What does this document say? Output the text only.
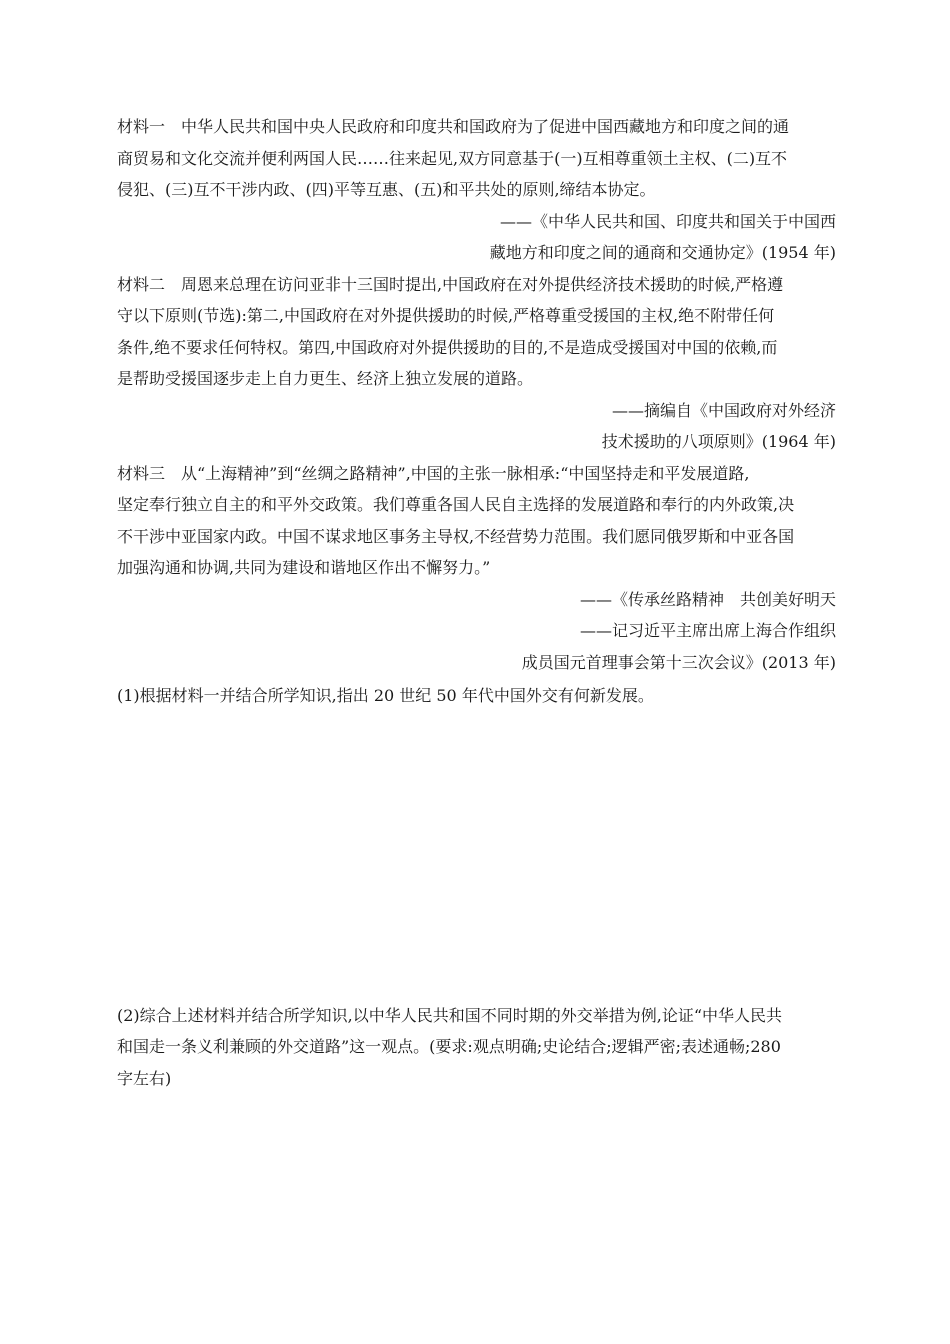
材料一　中华人民共和国中央人民政府和印度共和国政府为了促进中国西藏地方和印度之间的通
商贸易和文化交流并便利两国人民……往来起见,双方同意基于(一)互相尊重领土主权、(二)互不
侵犯、(三)互不干涉内政、(四)平等互惠、(五)和平共处的原则,缔结本协定。
——《中华人民共和国、印度共和国关于中国西
藏地方和印度之间的通商和交通协定》(1954 年)
材料二　周恩来总理在访问亚非十三国时提出,中国政府在对外提供经济技术援助的时候,严格遵
守以下原则(节选):第二,中国政府在对外提供援助的时候,严格尊重受援国的主权,绝不附带任何
条件,绝不要求任何特权。第四,中国政府对外提供援助的目的,不是造成受援国对中国的依赖,而
是帮助受援国逐步走上自力更生、经济上独立发展的道路。
——摘编自《中国政府对外经济
技术援助的八项原则》(1964 年)
材料三　从“上海精神”到“丝绸之路精神”,中国的主张一脉相承:“中国坚持走和平发展道路,
坚定奉行独立自主的和平外交政策。我们尊重各国人民自主选择的发展道路和奉行的内外政策,决
不干涉中亚国家内政。中国不谋求地区事务主导权,不经营势力范围。我们愿同俄罗斯和中亚各国
加强沟通和协调,共同为建设和谐地区作出不懈努力。”
——《传承丝路精神　共创美好明天
——记习近平主席出席上海合作组织
成员国元首理事会第十三次会议》(2013 年)
(1)根据材料一并结合所学知识,指出 20 世纪 50 年代中国外交有何新发展。
(2)综合上述材料并结合所学知识,以中华人民共和国不同时期的外交举措为例,论证“中华人民共
和国走一条义利兼顾的外交道路”这一观点。(要求:观点明确;史论结合;逻辑严密;表述通畅;280
字左右)
